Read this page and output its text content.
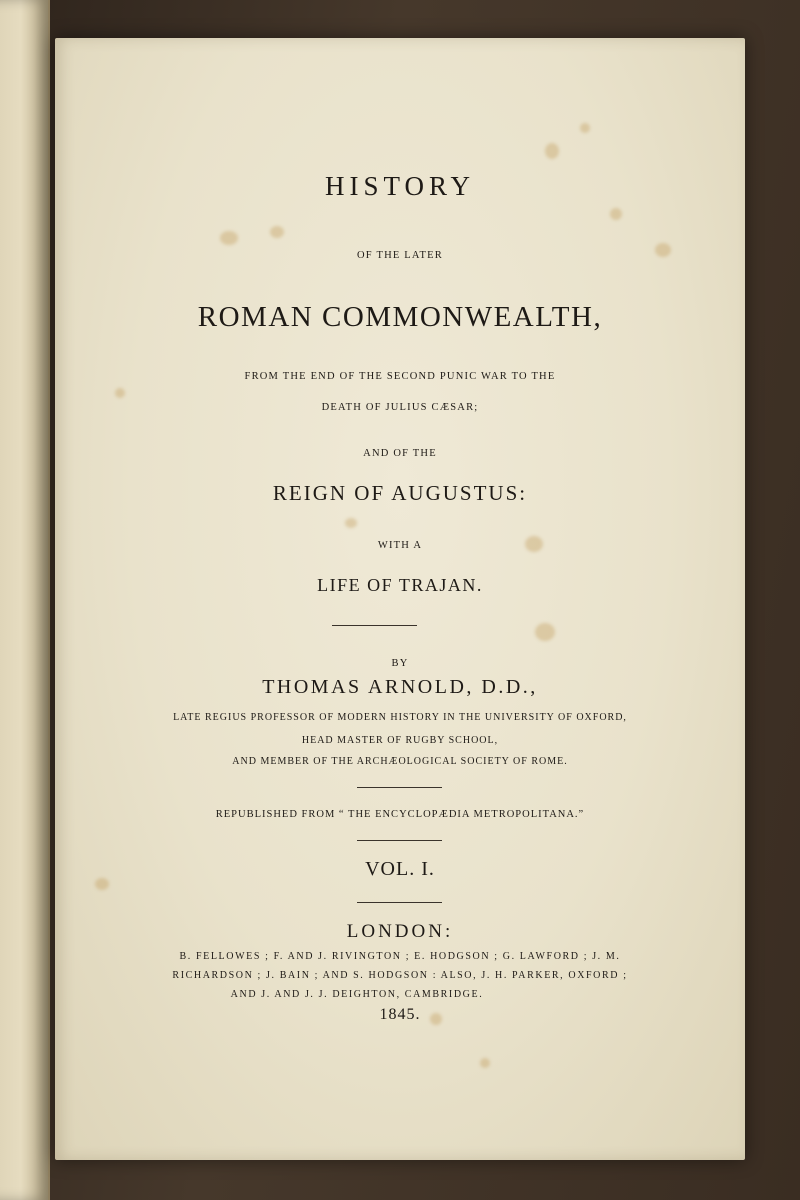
HISTORY
OF THE LATER
ROMAN COMMONWEALTH,
FROM THE END OF THE SECOND PUNIC WAR TO THE
DEATH OF JULIUS CÆSAR;
AND OF THE
REIGN OF AUGUSTUS:
WITH A
LIFE OF TRAJAN.
BY
THOMAS ARNOLD, D.D.,
LATE REGIUS PROFESSOR OF MODERN HISTORY IN THE UNIVERSITY OF OXFORD,
HEAD MASTER OF RUGBY SCHOOL,
AND MEMBER OF THE ARCHÆOLOGICAL SOCIETY OF ROME.
REPUBLISHED FROM “ THE ENCYCLOPÆDIA METROPOLITANA.”
VOL. I.
LONDON:
B. FELLOWES ; F. AND J. RIVINGTON ; E. HODGSON ; G. LAWFORD ; J. M.
RICHARDSON ; J. BAIN ; AND S. HODGSON : ALSO, J. H. PARKER, OXFORD ;
AND J. AND J. J. DEIGHTON, CAMBRIDGE.
1845.
